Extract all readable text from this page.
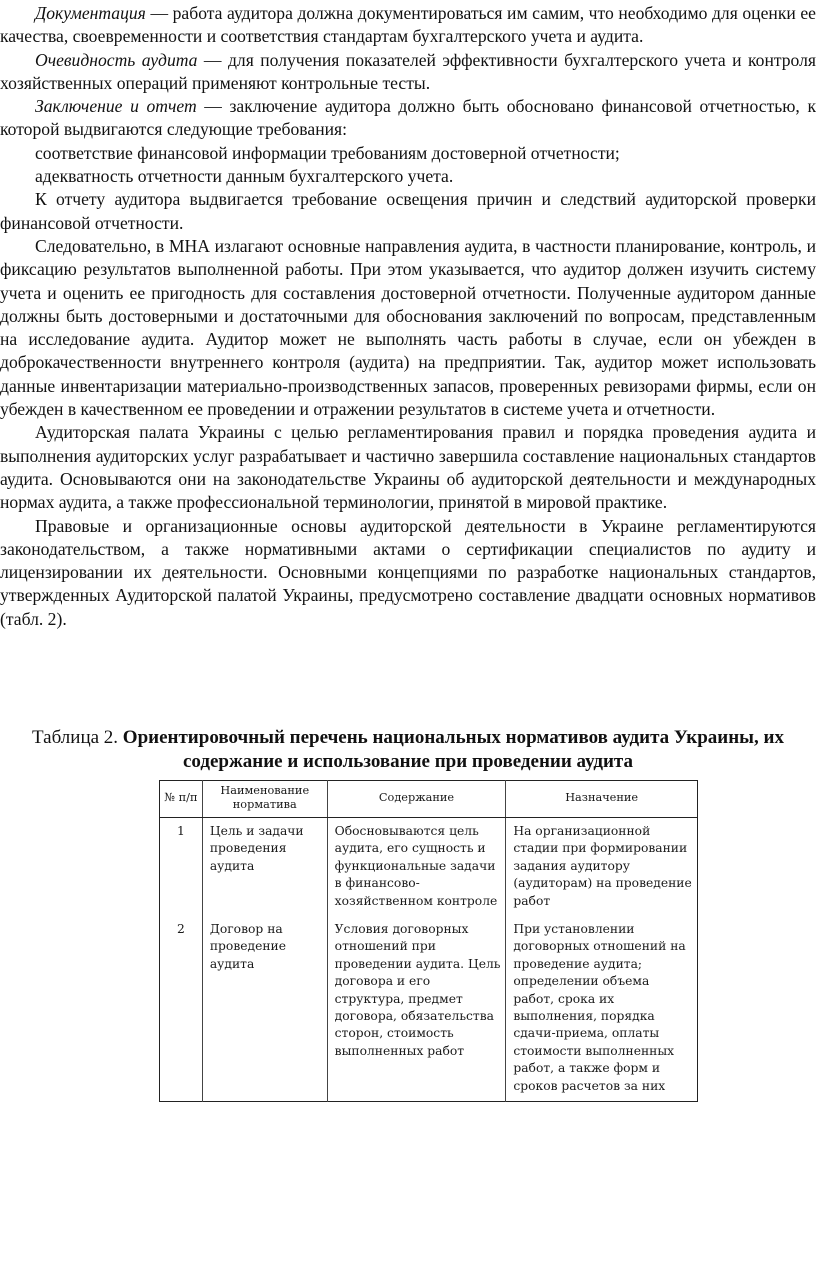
Документация — работа аудитора должна документироваться им самим, что необходимо для оценки ее качества, своевременности и соответствия стандартам бухгалтерского учета и аудита.

Очевидность аудита — для получения показателей эффективности бухгалтерского учета и контроля хозяйственных операций применяют контрольные тесты.

Заключение и отчет — заключение аудитора должно быть обосновано финансовой отчетностью, к которой выдвигаются следующие требования:

соответствие финансовой информации требованиям достоверной отчетности;

адекватность отчетности данным бухгалтерского учета.

К отчету аудитора выдвигается требование освещения причин и следствий аудиторской проверки финансовой отчетности.

Следовательно, в МНА излагают основные направления аудита, в частности планирование, контроль, и фиксацию результатов выполненной работы. При этом указывается, что аудитор должен изучить систему учета и оценить ее пригодность для составления достоверной отчетности. Полученные аудитором данные должны быть достоверными и достаточными для обоснования заключений по вопросам, представленным на исследование аудита. Аудитор может не выполнять часть работы в случае, если он убежден в доброкачественности внутреннего контроля (аудита) на предприятии. Так, аудитор может использовать данные инвентаризации материально-производственных запасов, проверенных ревизорами фирмы, если он убежден в качественном ее проведении и отражении результатов в системе учета и отчетности.

Аудиторская палата Украины с целью регламентирования правил и порядка проведения аудита и выполнения аудиторских услуг разрабатывает и частично завершила составление национальных стандартов аудита. Основываются они на законодательстве Украины об аудиторской деятельности и международных нормах аудита, а также профессиональной терминологии, принятой в мировой практике.

Правовые и организационные основы аудиторской деятельности в Украине регламентируются законодательством, а также нормативными актами о сертификации специалистов по аудиту и лицензировании их деятельности. Основными концепциями по разработке национальных стандартов, утвержденных Аудиторской палатой Украины, предусмотрено составление двадцати основных нормативов (табл. 2).

Таблица 2. Ориентировочный перечень национальных нормативов аудита Украины, их содержание и использование при проведении аудита
№ п/п	Наименование норматива	Содержание	Назначение
1	Цель и задачи проведения аудита	Обосновываются цель аудита, его сущность и функциональные задачи в финансово-хозяйственном контроле	На организационной стадии при формировании задания аудитору (аудиторам) на проведение работ
2	Договор на проведение аудита	Условия договорных отношений при проведении аудита. Цель договора и его структура, предмет договора, обязательства сторон, стоимость выполненных работ	При установлении договорных отношений на проведение аудита; определении объема работ, срока их выполнения, порядка сдачи-приема, оплаты стоимости выполненных работ, а также форм и сроков расчетов за них
